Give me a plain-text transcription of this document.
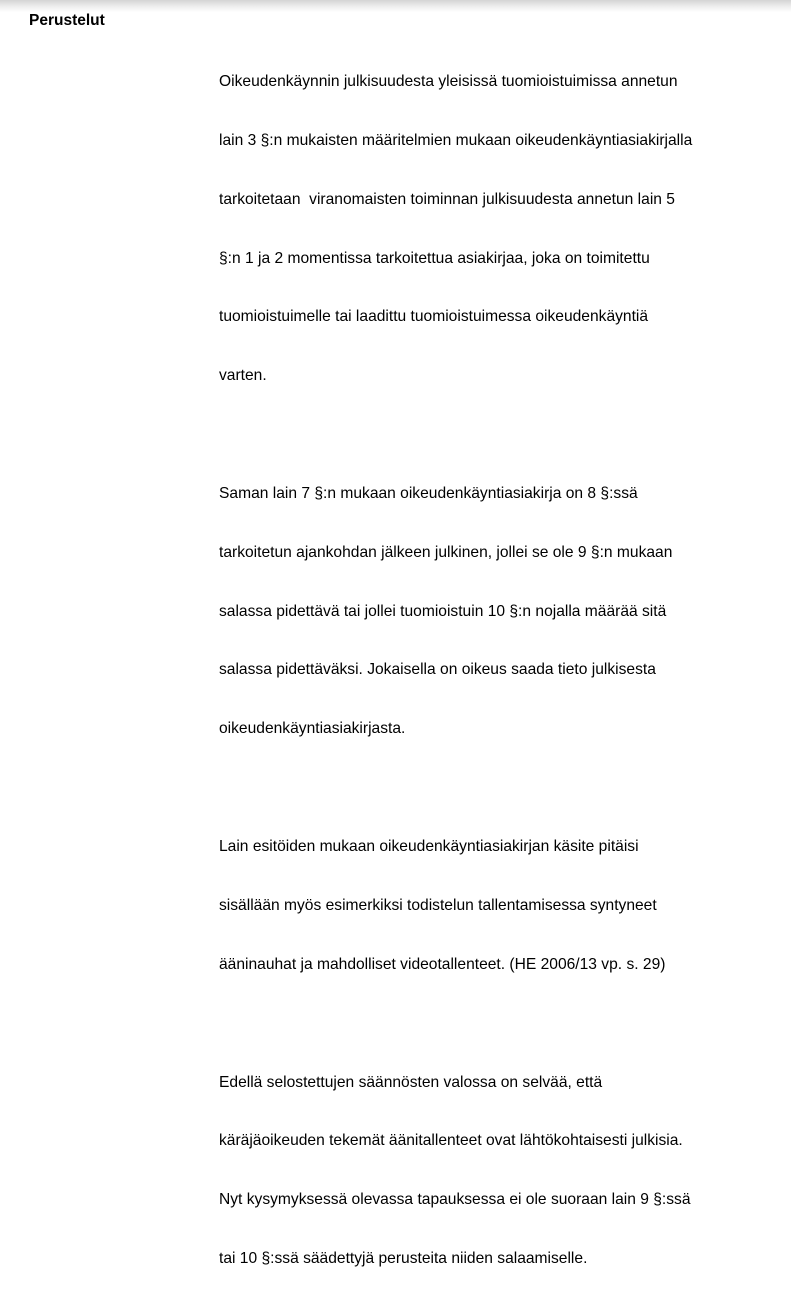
Perustelut

Oikeudenkäynnin julkisuudesta yleisissä tuomioistuimissa annetun

lain 3 §:n mukaisten määritelmien mukaan oikeudenkäyntiasiakirjalla

tarkoitetaan  viranomaisten toiminnan julkisuudesta annetun lain 5

§:n 1 ja 2 momentissa tarkoitettua asiakirjaa, joka on toimitettu

tuomioistuimelle tai laadittu tuomioistuimessa oikeudenkäyntiä

varten.

Saman lain 7 §:n mukaan oikeudenkäyntiasiakirja on 8 §:ssä

tarkoitetun ajankohdan jälkeen julkinen, jollei se ole 9 §:n mukaan

salassa pidettävä tai jollei tuomioistuin 10 §:n nojalla määrää sitä

salassa pidettäväksi. Jokaisella on oikeus saada tieto julkisesta

oikeudenkäyntiasiakirjasta.

Lain esitöiden mukaan oikeudenkäyntiasiakirjan käsite pitäisi

sisällään myös esimerkiksi todistelun tallentamisessa syntyneet

ääninauhat ja mahdolliset videotallenteet. (HE 2006/13 vp. s. 29)

Edellä selostettujen säännösten valossa on selvää, että

käräjäoikeuden tekemät äänitallenteet ovat lähtökohtaisesti julkisia.

Nyt kysymyksessä olevassa tapauksessa ei ole suoraan lain 9 §:ssä

tai 10 §:ssä säädettyjä perusteita niiden salaamiselle.
